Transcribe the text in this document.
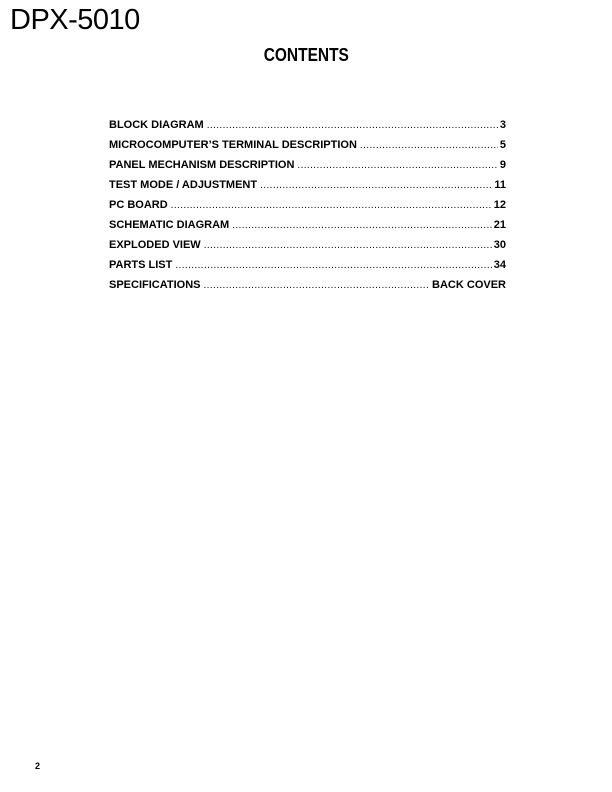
DPX-5010
CONTENTS
BLOCK DIAGRAM .....	3
MICROCOMPUTER’S TERMINAL DESCRIPTION .....	5
PANEL MECHANISM DESCRIPTION .....	9
TEST MODE / ADJUSTMENT .....	11
PC BOARD .....	12
SCHEMATIC DIAGRAM .....	21
EXPLODED VIEW .....	30
PARTS LIST .....	34
SPECIFICATIONS .....	BACK COVER
2
